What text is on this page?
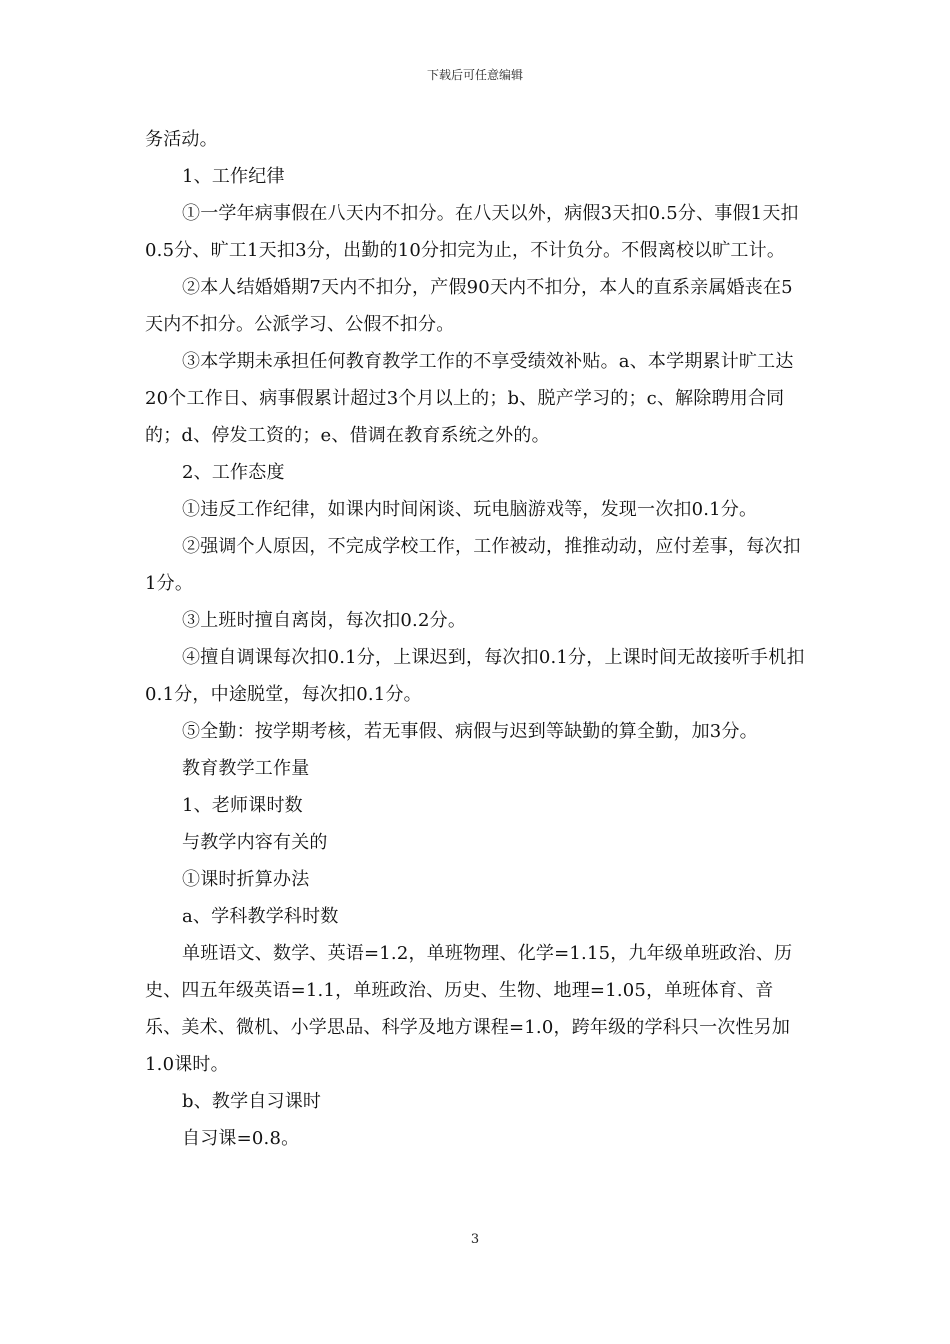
下载后可任意编辑

务活动。

1、工作纪律

①一学年病事假在八天内不扣分。在八天以外，病假3天扣0.5分、事假1天扣0.5分、旷工1天扣3分，出勤的10分扣完为止，不计负分。不假离校以旷工计。

②本人结婚婚期7天内不扣分，产假90天内不扣分，本人的直系亲属婚丧在5天内不扣分。公派学习、公假不扣分。

③本学期未承担任何教育教学工作的不享受绩效补贴。a、本学期累计旷工达20个工作日、病事假累计超过3个月以上的；b、脱产学习的；c、解除聘用合同的；d、停发工资的；e、借调在教育系统之外的。

2、工作态度

①违反工作纪律，如课内时间闲谈、玩电脑游戏等，发现一次扣0.1分。

②强调个人原因，不完成学校工作，工作被动，推推动动，应付差事，每次扣1分。

③上班时擅自离岗，每次扣0.2分。

④擅自调课每次扣0.1分，上课迟到，每次扣0.1分，上课时间无故接听手机扣0.1分，中途脱堂，每次扣0.1分。

⑤全勤：按学期考核，若无事假、病假与迟到等缺勤的算全勤，加3分。

教育教学工作量

1、老师课时数

与教学内容有关的

①课时折算办法

a、学科教学科时数

单班语文、数学、英语=1.2，单班物理、化学=1.15，九年级单班政治、历史、四五年级英语=1.1，单班政治、历史、生物、地理=1.05，单班体育、音乐、美术、微机、小学思品、科学及地方课程=1.0，跨年级的学科只一次性另加1.0课时。

b、教学自习课时

自习课=0.8。

3
